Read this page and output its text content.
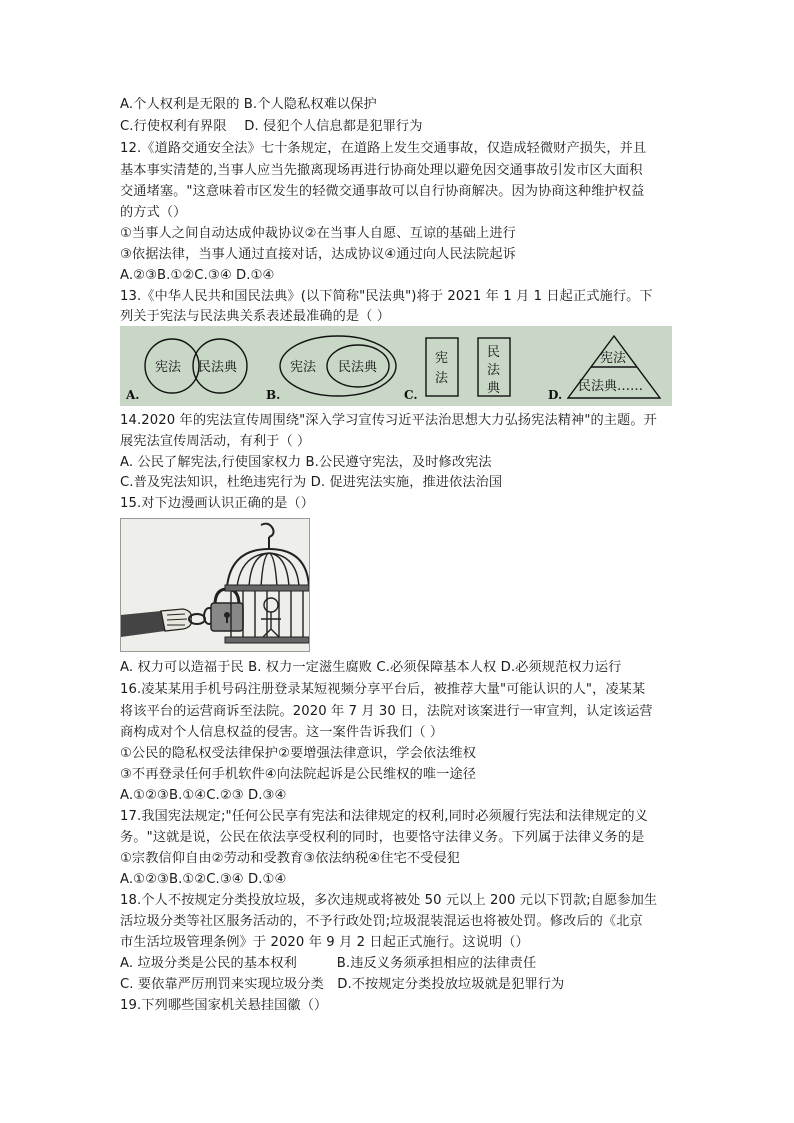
A.个人权利是无限的 B.个人隐私权难以保护
C.行使权利有界限　 D. 侵犯个人信息都是犯罪行为
12.《道路交通安全法》七十条规定，在道路上发生交通事故，仅造成轻微财产损失，并且
基本事实清楚的,当事人应当先撤离现场再进行协商处理以避免因交通事故引发市区大面积
交通堵塞。"这意味着市区发生的轻微交通事故可以自行协商解决。因为协商这种维护权益
的方式（）
①当事人之间自动达成仲裁协议②在当事人自愿、互谅的基础上进行
③依据法律，当事人通过直接对话，达成协议④通过向人民法院起诉
A.②③B.①②C.③④ D.①④
13.《中华人民共和国民法典》(以下简称"民法典")将于 2021 年 1 月 1 日起正式施行。下
列关于宪法与民法典关系表述最准确的是（ ）
宪法 民法典
A.
宪法 民法典
B.
宪
法
民
法
典
C.
宪法
民法典……
D.
14.2020 年的宪法宣传周围绕"深入学习宣传习近平法治思想大力弘扬宪法精神"的主题。开
展宪法宣传周活动，有利于（ ）
A. 公民了解宪法,行使国家权力 B.公民遵守宪法，及时修改宪法
C.普及宪法知识，杜绝违宪行为 D. 促进宪法实施，推进依法治国
15.对下边漫画认识正确的是（）
A. 权力可以造福于民 B. 权力一定滋生腐败 C.必须保障基本人权 D.必须规范权力运行
16.凌某某用手机号码注册登录某短视频分享平台后，被推荐大量"可能认识的人"，凌某某
将该平台的运营商诉至法院。2020 年 7 月 30 日，法院对该案进行一审宣判，认定该运营
商构成对个人信息权益的侵害。这一案件告诉我们（ ）
①公民的隐私权受法律保护②要增强法律意识，学会依法维权
③不再登录任何手机软件④向法院起诉是公民维权的唯一途径
A.①②③B.①④C.②③ D.③④
17.我国宪法规定;"任何公民享有宪法和法律规定的权利,同时必须履行宪法和法律规定的义
务。"这就是说，公民在依法享受权利的同时，也要恪守法律义务。下列属于法律义务的是
①宗教信仰自由②劳动和受教育③依法纳税④住宅不受侵犯
A.①②③B.①②C.③④ D.①④
18.个人不按规定分类投放垃圾，多次违规或将被处 50 元以上 200 元以下罚款;自愿参加生
活垃圾分类等社区服务活动的，不予行政处罚;垃圾混装混运也将被处罚。修改后的《北京
市生活垃圾管理条例》于 2020 年 9 月 2 日起正式施行。这说明（）
A. 垃圾分类是公民的基本权利　　　B.违反义务须承担相应的法律责任
C. 要依靠严厉刑罚来实现垃圾分类　D.不按规定分类投放垃圾就是犯罪行为
19.下列哪些国家机关悬挂国徽（）
